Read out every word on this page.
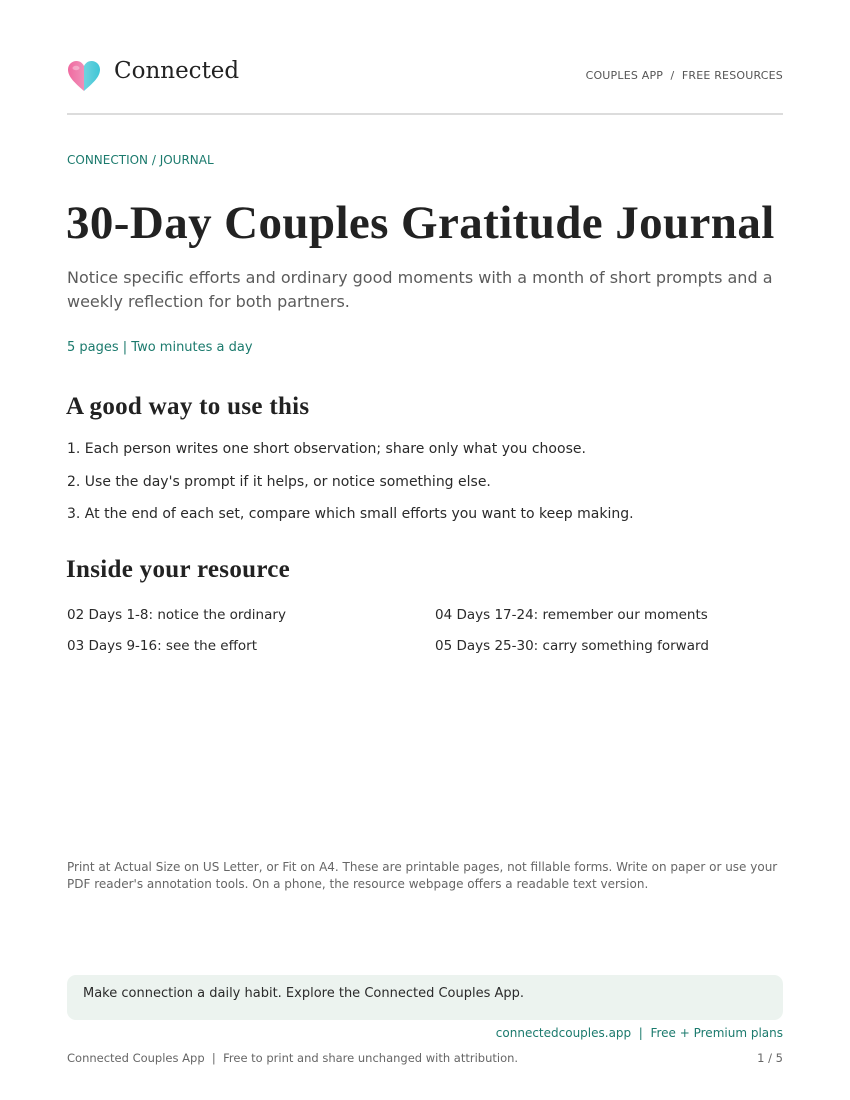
Connected	COUPLES APP  /  FREE RESOURCES
CONNECTION / JOURNAL
30-Day Couples Gratitude Journal

Notice specific efforts and ordinary good moments with a month of short prompts and a weekly reflection for both partners.

5 pages | Two minutes a day
A good way to use this
1. Each person writes one short observation; share only what you choose.
2. Use the day's prompt if it helps, or notice something else.
3. At the end of each set, compare which small efforts you want to keep making.
Inside your resource
02 Days 1-8: notice the ordinary
03 Days 9-16: see the effort
04 Days 17-24: remember our moments
05 Days 25-30: carry something forward

Print at Actual Size on US Letter, or Fit on A4. These are printable pages, not fillable forms. Write on paper or use your PDF reader's annotation tools. On a phone, the resource webpage offers a readable text version.

Make connection a daily habit. Explore the Connected Couples App.
connectedcouples.app  |  Free + Premium plans
Connected Couples App  |  Free to print and share unchanged with attribution.	1 / 5
